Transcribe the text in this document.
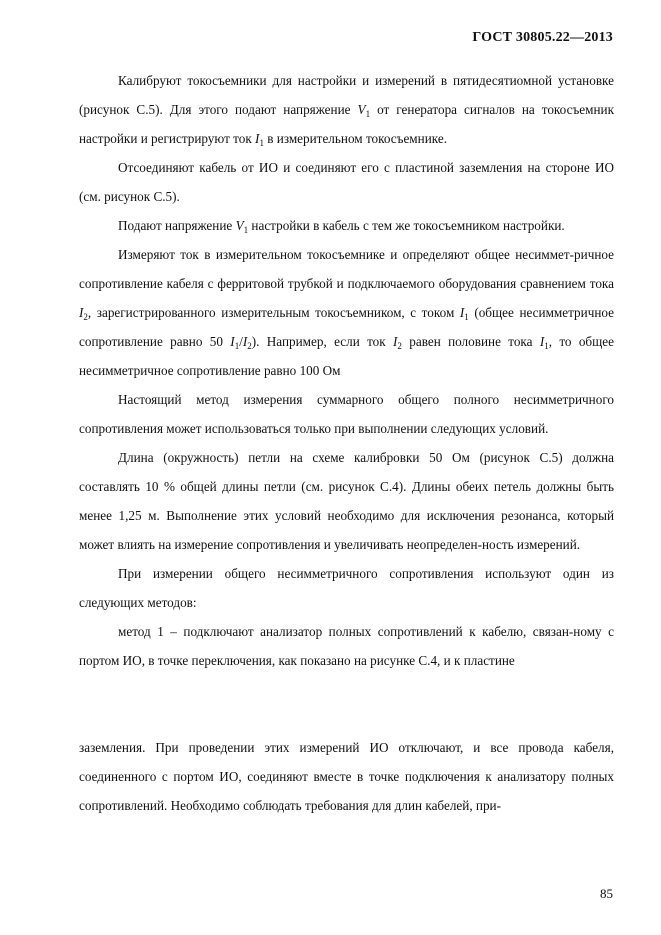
ГОСТ 30805.22—2013

Калибруют токосъемники для настройки и измерений в пятидесятиомной установке (рисунок С.5). Для этого подают напряжение $V_1$ от генератора сигналов на токосъемник настройки и регистрируют ток $I_1$ в измерительном токосъемнике.

Отсоединяют кабель от ИО и соединяют его с пластиной заземления на стороне ИО (см. рисунок С.5).

Подают напряжение $V_1$ настройки в кабель с тем же токосъемником настройки.

Измеряют ток в измерительном токосъемнике и определяют общее несиммет-ричное сопротивление кабеля с ферритовой трубкой и подключаемого оборудования сравнением тока $I_2$, зарегистрированного измерительным токосъемником, с током $I_1$ (общее несимметричное сопротивление равно 50 $I_1/I_2$). Например, если ток $I_2$ равен половине тока $I_1$, то общее несимметричное сопротивление равно 100 Ом

Настоящий метод измерения суммарного общего полного несимметричного сопротивления может использоваться только при выполнении следующих условий.

Длина (окружность) петли на схеме калибровки 50 Ом (рисунок С.5) должна составлять 10 % общей длины петли (см. рисунок С.4). Длины обеих петель должны быть менее 1,25 м. Выполнение этих условий необходимо для исключения резонанса, который может влиять на измерение сопротивления и увеличивать неопределен-ность измерений.

При измерении общего несимметричного сопротивления используют один из следующих методов:

метод 1 – подключают анализатор полных сопротивлений к кабелю, связан-ному с портом ИО, в точке переключения, как показано на рисунке С.4, и к пластине

заземления. При проведении этих измерений ИО отключают, и все провода кабеля, соединенного с портом ИО, соединяют вместе в точке подключения к анализатору полных сопротивлений. Необходимо соблюдать требования для длин кабелей, при-

85
